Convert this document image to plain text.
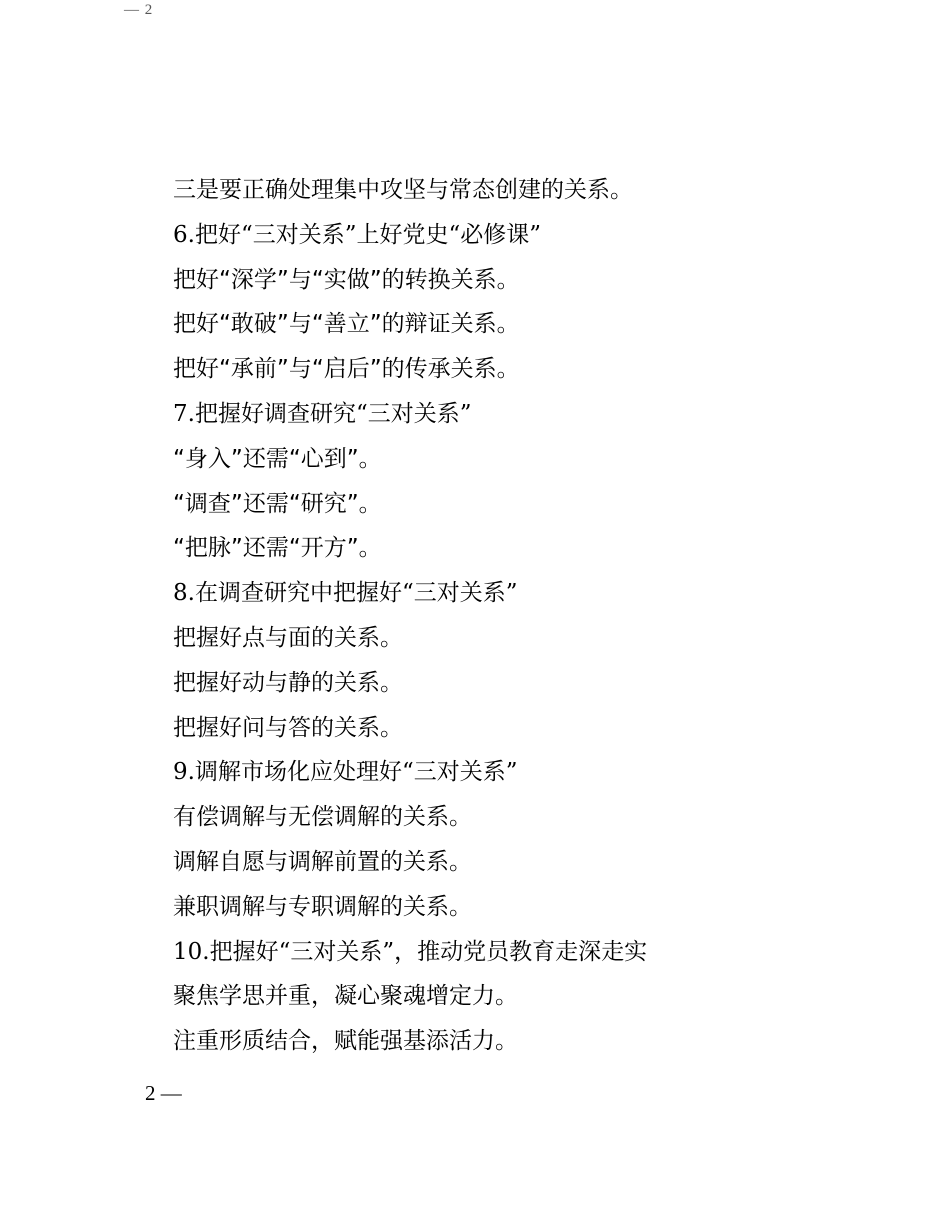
— 2
三是要正确处理集中攻坚与常态创建的关系。
6.把好“三对关系”上好党史“必修课”
把好“深学”与“实做”的转换关系。
把好“敢破”与“善立”的辩证关系。
把好“承前”与“启后”的传承关系。
7.把握好调查研究“三对关系”
“身入”还需“心到”。
“调查”还需“研究”。
“把脉”还需“开方”。
8.在调查研究中把握好“三对关系”
把握好点与面的关系。
把握好动与静的关系。
把握好问与答的关系。
9.调解市场化应处理好“三对关系”
有偿调解与无偿调解的关系。
调解自愿与调解前置的关系。
兼职调解与专职调解的关系。
10.把握好“三对关系”，推动党员教育走深走实
聚焦学思并重，凝心聚魂增定力。
注重形质结合，赋能强基添活力。
2 —
